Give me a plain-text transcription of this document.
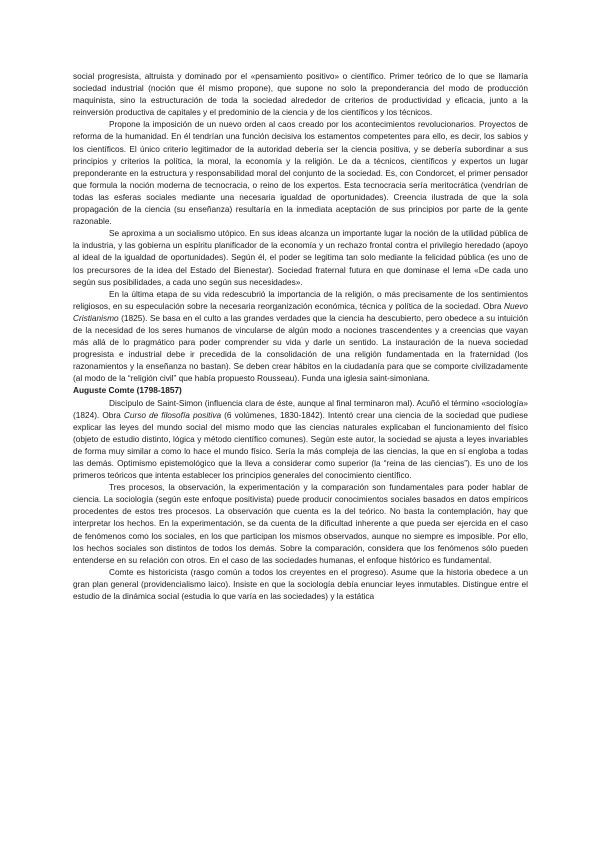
social progresista, altruista y dominado por el «pensamiento positivo» o científico. Primer teórico de lo que se llamaría sociedad industrial (noción que él mismo propone), que supone no solo la preponderancia del modo de producción maquinista, sino la estructuración de toda la sociedad alrededor de criterios de productividad y eficacia, junto a la reinversión productiva de capitales y el predominio de la ciencia y de los científicos y los técnicos.

Propone la imposición de un nuevo orden al caos creado por los acontecimientos revolucionarios. Proyectos de reforma de la humanidad. En él tendrían una función decisiva los estamentos competentes para ello, es decir, los sabios y los científicos. El único criterio legitimador de la autoridad debería ser la ciencia positiva, y se debería subordinar a sus principios y criterios la política, la moral, la economía y la religión. Le da a técnicos, científicos y expertos un lugar preponderante en la estructura y responsabilidad moral del conjunto de la sociedad. Es, con Condorcet, el primer pensador que formula la noción moderna de tecnocracia, o reino de los expertos. Esta tecnocracia sería meritocrática (vendrían de todas las esferas sociales mediante una necesaria igualdad de oportunidades). Creencia ilustrada de que la sola propagación de la ciencia (su enseñanza) resultaría en la inmediata aceptación de sus principios por parte de la gente razonable.

Se aproxima a un socialismo utópico. En sus ideas alcanza un importante lugar la noción de la utilidad pública de la industria, y las gobierna un espíritu planificador de la economía y un rechazo frontal contra el privilegio heredado (apoyo al ideal de la igualdad de oportunidades). Según él, el poder se legitima tan solo mediante la felicidad pública (es uno de los precursores de la idea del Estado del Bienestar). Sociedad fraternal futura en que dominase el lema «De cada uno según sus posibilidades, a cada uno según sus necesidades».

En la última etapa de su vida redescubrió la importancia de la religión, o más precisamente de los sentimientos religiosos, en su especulación sobre la necesaria reorganización económica, técnica y política de la sociedad. Obra Nuevo Cristianismo (1825). Se basa en el culto a las grandes verdades que la ciencia ha descubierto, pero obedece a su intuición de la necesidad de los seres humanos de vincularse de algún modo a nociones trascendentes y a creencias que vayan más allá de lo pragmático para poder comprender su vida y darle un sentido. La instauración de la nueva sociedad progresista e industrial debe ir precedida de la consolidación de una religión fundamentada en la fraternidad (los razonamientos y la enseñanza no bastan). Se deben crear hábitos en la ciudadanía para que se comporte civilizadamente (al modo de la “religión civil” que había propuesto Rousseau). Funda una iglesia saint-simoniana.

Auguste Comte (1798-1857)

Discípulo de Saint-Simon (influencia clara de éste, aunque al final terminaron mal). Acuñó el término «sociología» (1824). Obra Curso de filosofía positiva (6 volúmenes, 1830-1842). Intentó crear una ciencia de la sociedad que pudiese explicar las leyes del mundo social del mismo modo que las ciencias naturales explicaban el funcionamiento del físico (objeto de estudio distinto, lógica y método científico comunes). Según este autor, la sociedad se ajusta a leyes invariables de forma muy similar a como lo hace el mundo físico. Sería la más compleja de las ciencias, la que en sí engloba a todas las demás. Optimismo epistemológico que la lleva a considerar como superior (la “reina de las ciencias”). Es uno de los primeros teóricos que intenta establecer los principios generales del conocimiento científico.

Tres procesos, la observación, la experimentación y la comparación son fundamentales para poder hablar de ciencia. La sociología (según este enfoque positivista) puede producir conocimientos sociales basados en datos empíricos procedentes de estos tres procesos. La observación que cuenta es la del teórico. No basta la contemplación, hay que interpretar los hechos. En la experimentación, se da cuenta de la dificultad inherente a que pueda ser ejercida en el caso de fenómenos como los sociales, en los que participan los mismos observados, aunque no siempre es imposible. Por ello, los hechos sociales son distintos de todos los demás. Sobre la comparación, considera que los fenómenos sólo pueden entenderse en su relación con otros. En el caso de las sociedades humanas, el enfoque histórico es fundamental.

Comte es historicista (rasgo común a todos los creyentes en el progreso). Asume que la historia obedece a un gran plan general (providencialismo laico). Insiste en que la sociología debía enunciar leyes inmutables. Distingue entre el estudio de la dinámica social (estudia lo que varía en las sociedades) y la estática
